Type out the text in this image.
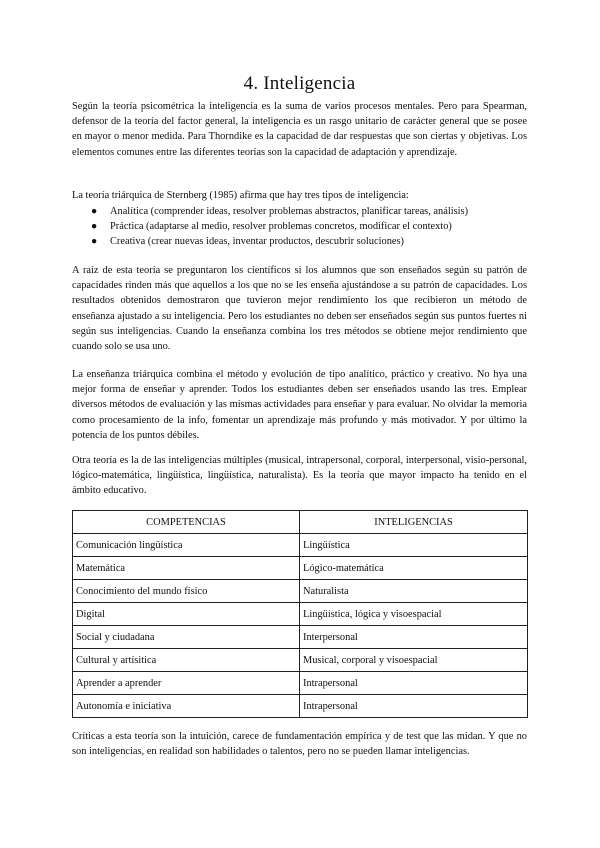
4. Inteligencia

Según la teoría psicométrica la inteligencia es la suma de varios procesos mentales. Pero para Spearman, defensor de la teoría del factor general, la inteligencia es un rasgo unitario de carácter general que se posee en mayor o menor medida. Para Thorndike es la capacidad de dar respuestas que son ciertas y objetivas. Los elementos comunes entre las diferentes teorías son la capacidad de adaptación y aprendizaje.

La teoría triárquica de Sternberg (1985) afirma que hay tres tipos de inteligencia:

● Analítica (comprender ideas, resolver problemas abstractos, planificar tareas, análisis)
● Práctica (adaptarse al medio, resolver problemas concretos, modificar el contexto)
● Creativa (crear nuevas ideas, inventar productos, descubrir soluciones)

A raíz de esta teoría se preguntaron los científicos si los alumnos que son enseñados según su patrón de capacidades rinden más que aquellos a los que no se les enseña ajustándose a su patrón de capacidades. Los resultados obtenidos demostraron que tuvieron mejor rendimiento los que recibieron un método de enseñanza ajustado a su inteligencia. Pero los estudiantes no deben ser enseñados según sus puntos fuertes ni según sus inteligencias. Cuando la enseñanza combina los tres métodos se obtiene mejor rendimiento que cuando solo se usa uno.

La enseñanza triárquica combina el método y evolución de tipo analítico, práctico y creativo. No hya una mejor forma de enseñar y aprender. Todos los estudiantes deben ser enseñados usando las tres. Emplear diversos métodos de evaluación y las mismas actividades para enseñar y para evaluar. No olvidar la memoria como procesamiento de la info, fomentar un aprendizaje más profundo y más motivador. Y por último la potencia de los puntos débiles.

Otra teoría es la de las inteligencias múltiples (musical, intrapersonal, corporal, interpersonal, visio-personal, lógico-matemática, lingüística, lingüística, naturalista). Es la teoría que mayor impacto ha tenido en el ámbito educativo.

COMPETENCIAS	INTELIGENCIAS
Comunicación lingüística	Lingüística
Matemática	Lógico-matemática
Conocimiento del mundo físico	Naturalista
Digital	Lingüística, lógica y visoespacial
Social y ciudadana	Interpersonal
Cultural y artísitica	Musical, corporal y visoespacial
Aprender a aprender	Intrapersonal
Autonomía e iniciativa	Intrapersonal

Críticas a esta teoría son la intuición, carece de fundamentación empírica y de test que las midan. Y que no son inteligencias, en realidad son habilidades o talentos, pero no se pueden llamar inteligencias.
